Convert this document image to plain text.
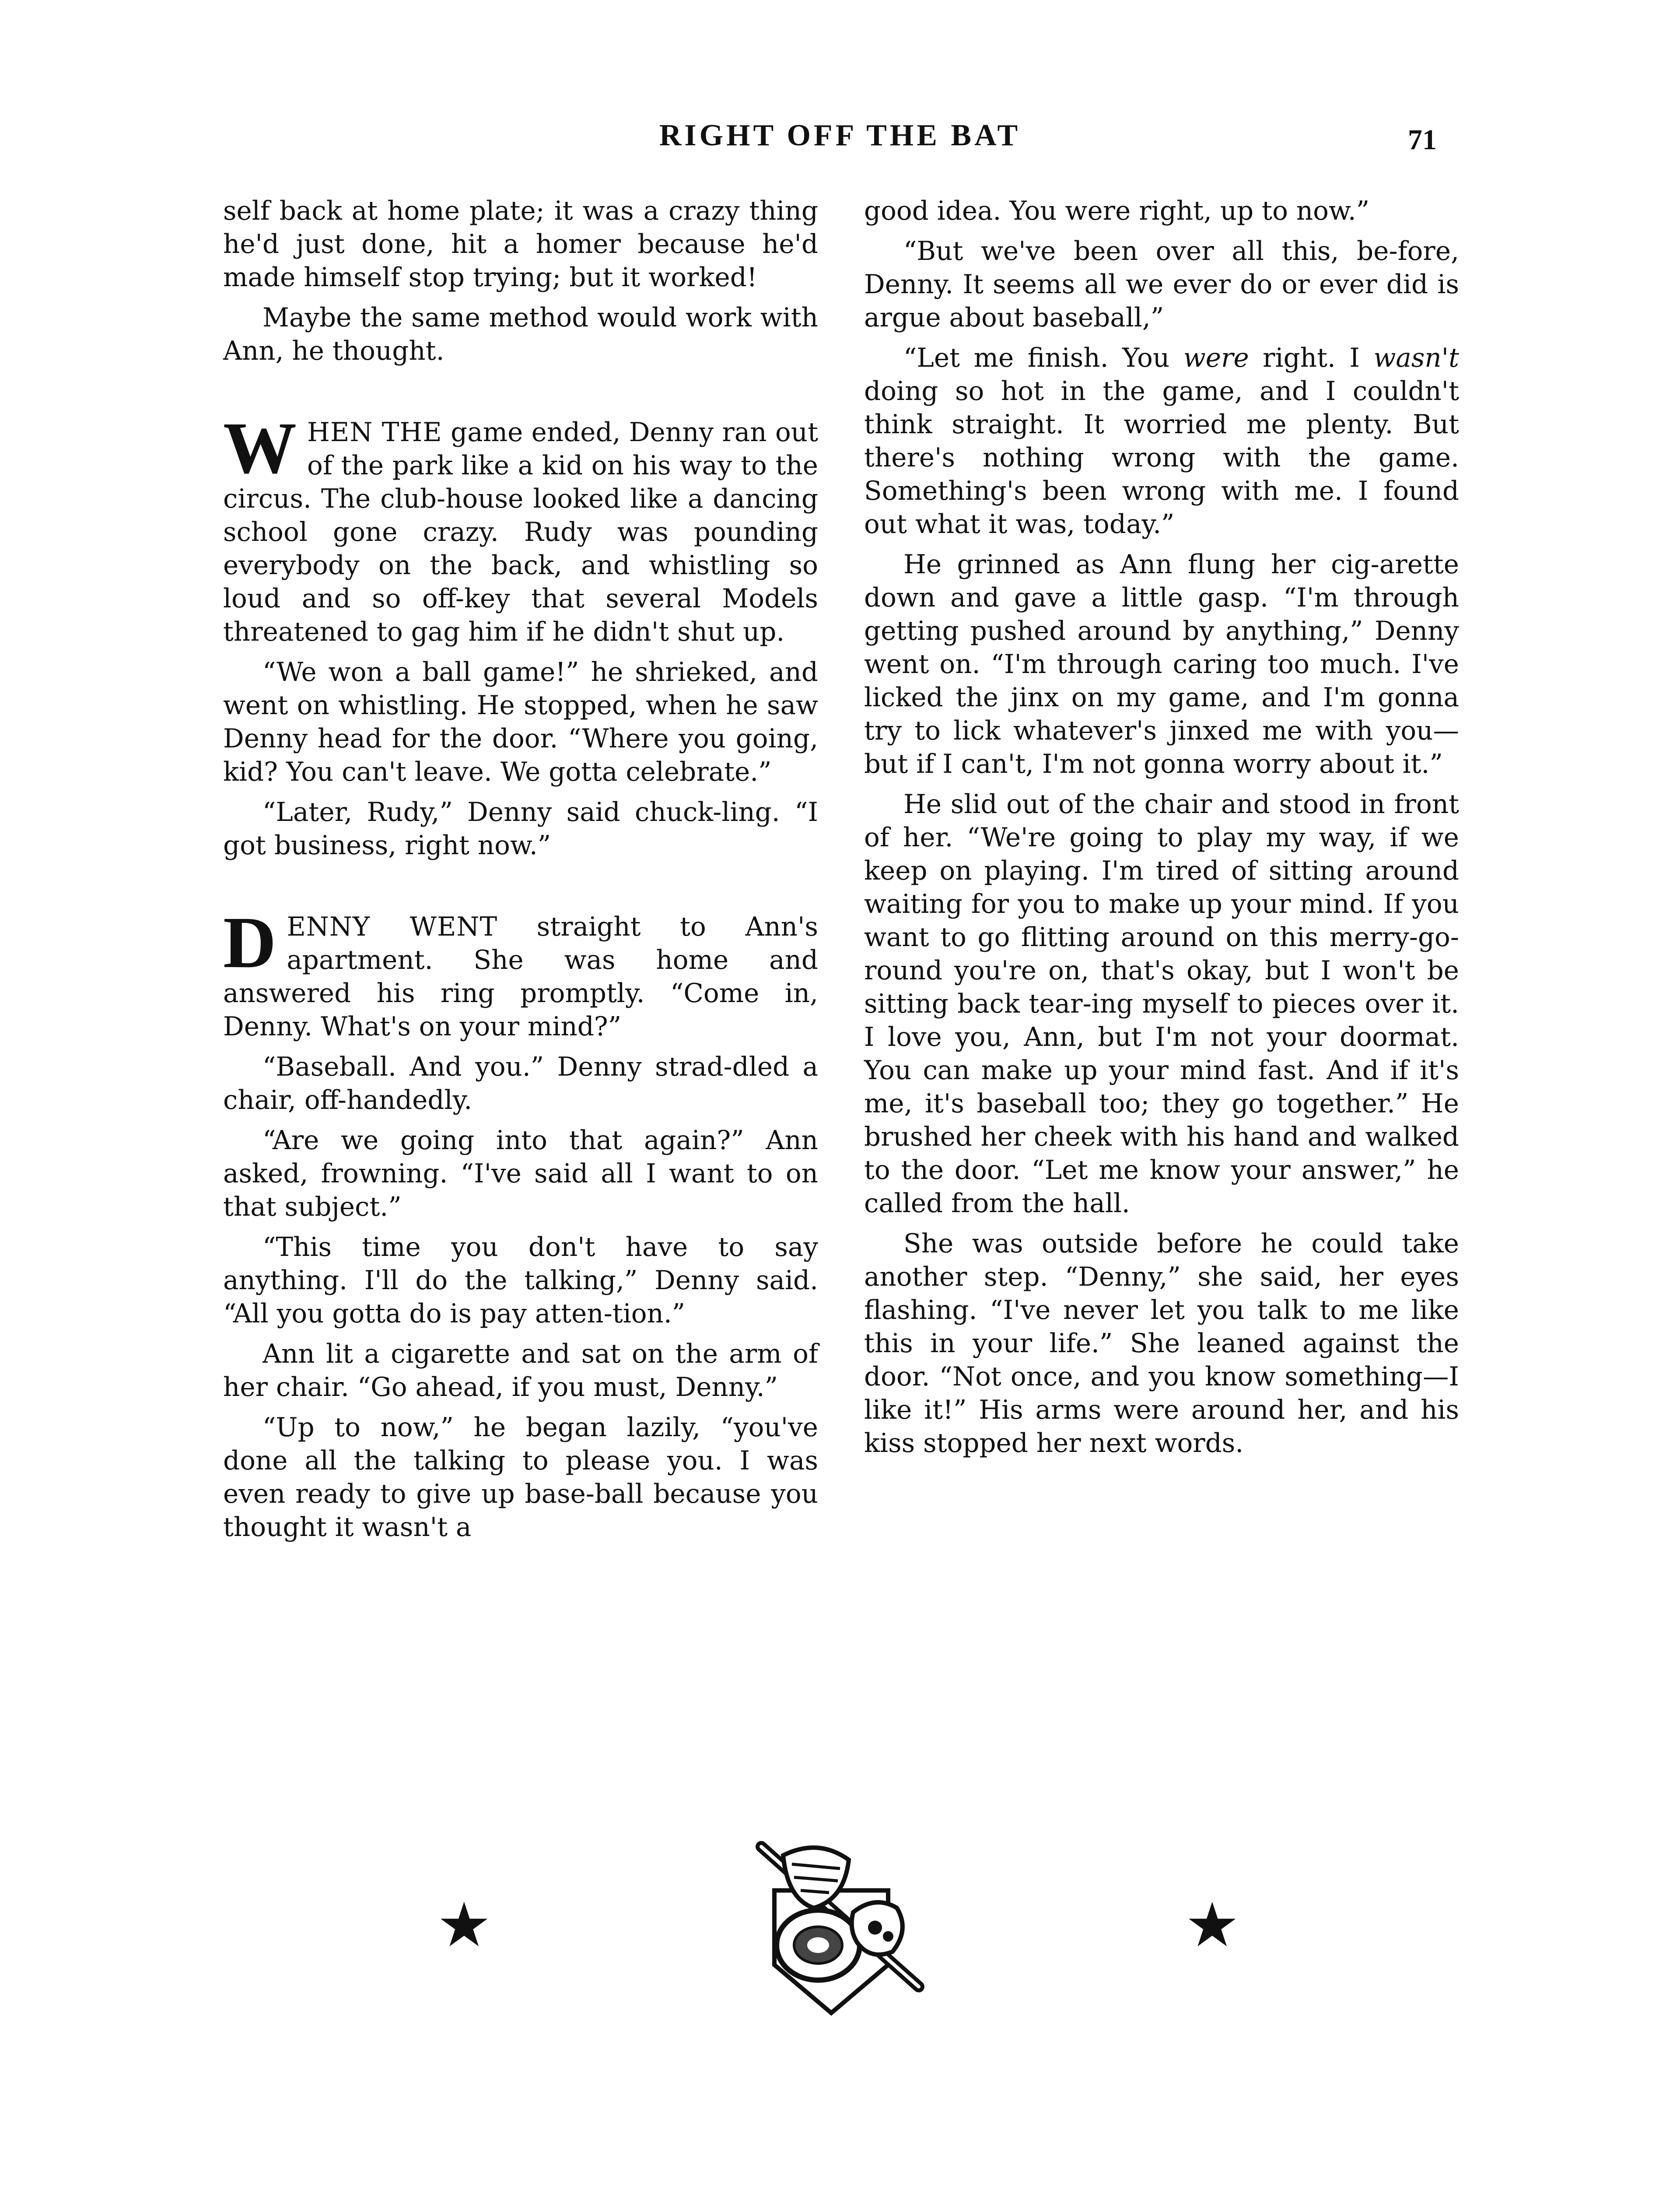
RIGHT OFF THE BAT	71

self back at home plate; it was a crazy thing he'd just done, hit a homer because he'd made himself stop trying; but it worked!

Maybe the same method would work with Ann, he thought.

WHEN THE game ended, Denny ran out of the park like a kid on his way to the circus. The club-house looked like a dancing school gone crazy. Rudy was pounding everybody on the back, and whistling so loud and so off-key that several Models threatened to gag him if he didn't shut up.

“We won a ball game!” he shrieked, and went on whistling. He stopped, when he saw Denny head for the door. “Where you going, kid? You can't leave. We gotta celebrate.”

“Later, Rudy,” Denny said chuck-ling. “I got business, right now.”

DENNY WENT straight to Ann's apartment. She was home and answered his ring promptly. “Come in, Denny. What's on your mind?”

“Baseball. And you.” Denny strad-dled a chair, off-handedly.

“Are we going into that again?” Ann asked, frowning. “I've said all I want to on that subject.”

“This time you don't have to say anything. I'll do the talking,” Denny said. “All you gotta do is pay atten-tion.”

Ann lit a cigarette and sat on the arm of her chair. “Go ahead, if you must, Denny.”

“Up to now,” he began lazily, “you've done all the talking to please you. I was even ready to give up base-ball because you thought it wasn't a

good idea. You were right, up to now.”

“But we've been over all this, be-fore, Denny. It seems all we ever do or ever did is argue about baseball,”

“Let me finish. You were right. I wasn't doing so hot in the game, and I couldn't think straight. It worried me plenty. But there's nothing wrong with the game. Something's been wrong with me. I found out what it was, today.”

He grinned as Ann flung her cig-arette down and gave a little gasp. “I'm through getting pushed around by anything,” Denny went on. “I'm through caring too much. I've licked the jinx on my game, and I'm gonna try to lick whatever's jinxed me with you—but if I can't, I'm not gonna worry about it.”

He slid out of the chair and stood in front of her. “We're going to play my way, if we keep on playing. I'm tired of sitting around waiting for you to make up your mind. If you want to go flitting around on this merry-go-round you're on, that's okay, but I won't be sitting back tear-ing myself to pieces over it. I love you, Ann, but I'm not your doormat. You can make up your mind fast. And if it's me, it's baseball too; they go together.” He brushed her cheek with his hand and walked to the door. “Let me know your answer,” he called from the hall.

She was outside before he could take another step. “Denny,” she said, her eyes flashing. “I've never let you talk to me like this in your life.” She leaned against the door. “Not once, and you know something—I like it!” His arms were around her, and his kiss stopped her next words.

★	★
